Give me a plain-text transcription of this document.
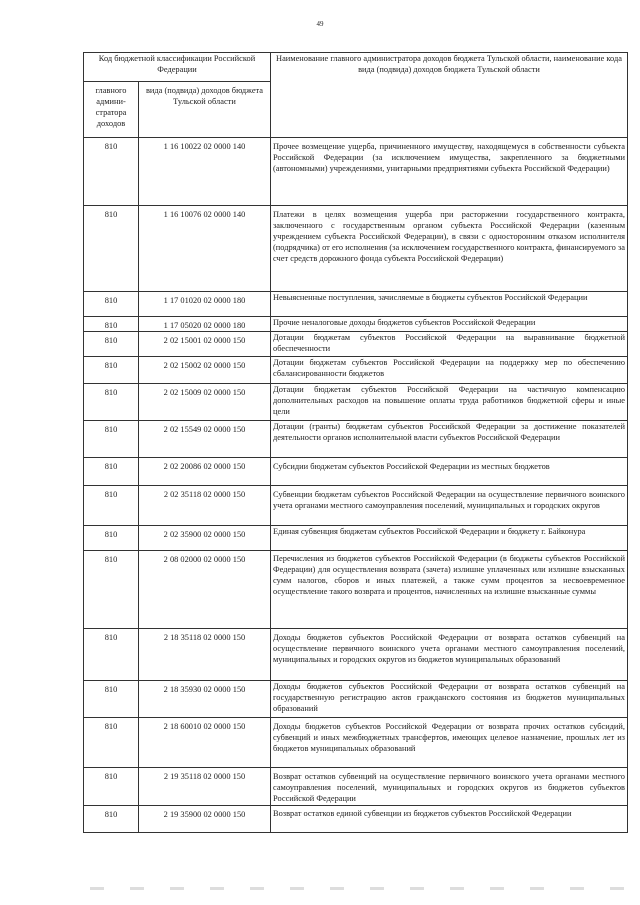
49
Код бюджетной классификации Российской Федерации		Наименование главного администратора доходов бюджета Тульской области, наименование кода вида (подвида) доходов бюджета Тульской области
главного админи-стратора доходов	вида (подвида) доходов бюджета Тульской области	
810	1 16 10022 02 0000 140	Прочее возмещение ущерба, причиненного имуществу, находящемуся в собственности субъекта Российской Федерации (за исключением имущества, закрепленного за бюджетными (автономными) учреждениями, унитарными предприятиями субъекта Российской Федерации)
810	1 16 10076 02 0000 140	Платежи в целях возмещения ущерба при расторжении государственного контракта, заключенного с государственным органом субъекта Российской Федерации (казенным учреждением субъекта Российской Федерации), в связи с односторонним отказом исполнителя (подрядчика) от его исполнения (за исключением государственного контракта, финансируемого за счет средств дорожного фонда субъекта Российской Федерации)
810	1 17 01020 02 0000 180	Невыясненные поступления, зачисляемые в бюджеты субъектов Российской Федерации
810	1 17 05020 02 0000 180	Прочие неналоговые доходы бюджетов субъектов Российской Федерации
810	2 02 15001 02 0000 150	Дотации бюджетам субъектов Российской Федерации на выравнивание бюджетной обеспеченности
810	2 02 15002 02 0000 150	Дотации бюджетам субъектов Российской Федерации на поддержку мер по обеспечению сбалансированности бюджетов
810	2 02 15009 02 0000 150	Дотации бюджетам субъектов Российской Федерации на частичную компенсацию дополнительных расходов на повышение оплаты труда работников бюджетной сферы и иные цели
810	2 02 15549 02 0000 150	Дотации (гранты) бюджетам субъектов Российской Федерации за достижение показателей деятельности органов исполнительной власти субъектов Российской Федерации
810	2 02 20086 02 0000 150	Субсидии бюджетам субъектов Российской Федерации из местных бюджетов
810	2 02 35118 02 0000 150	Субвенции бюджетам субъектов Российской Федерации на осуществление первичного воинского учета органами местного самоуправления поселений, муниципальных и городских округов
810	2 02 35900 02 0000 150	Единая субвенция бюджетам субъектов Российской Федерации и бюджету г. Байконура
810	2 08 02000 02 0000 150	Перечисления из бюджетов субъектов Российской Федерации (в бюджеты субъектов Российской Федерации) для осуществления возврата (зачета) излишне уплаченных или излишне взысканных сумм налогов, сборов и иных платежей, а также сумм процентов за несвоевременное осуществление такого возврата и процентов, начисленных на излишне взысканные суммы
810	2 18 35118 02 0000 150	Доходы бюджетов субъектов Российской Федерации от возврата остатков субвенций на осуществление первичного воинского учета органами местного самоуправления поселений, муниципальных и городских округов из бюджетов муниципальных образований
810	2 18 35930 02 0000 150	Доходы бюджетов субъектов Российской Федерации от возврата остатков субвенций на государственную регистрацию актов гражданского состояния из бюджетов муниципальных образований
810	2 18 60010 02 0000 150	Доходы бюджетов субъектов Российской Федерации от возврата прочих остатков субсидий, субвенций и иных межбюджетных трансфертов, имеющих целевое назначение, прошлых лет из бюджетов муниципальных образований
810	2 19 35118 02 0000 150	Возврат остатков субвенций на осуществление первичного воинского учета органами местного самоуправления поселений, муниципальных и городских округов из бюджетов субъектов Российской Федерации
810	2 19 35900 02 0000 150	Возврат остатков единой субвенции из бюджетов субъектов Российской Федерации
